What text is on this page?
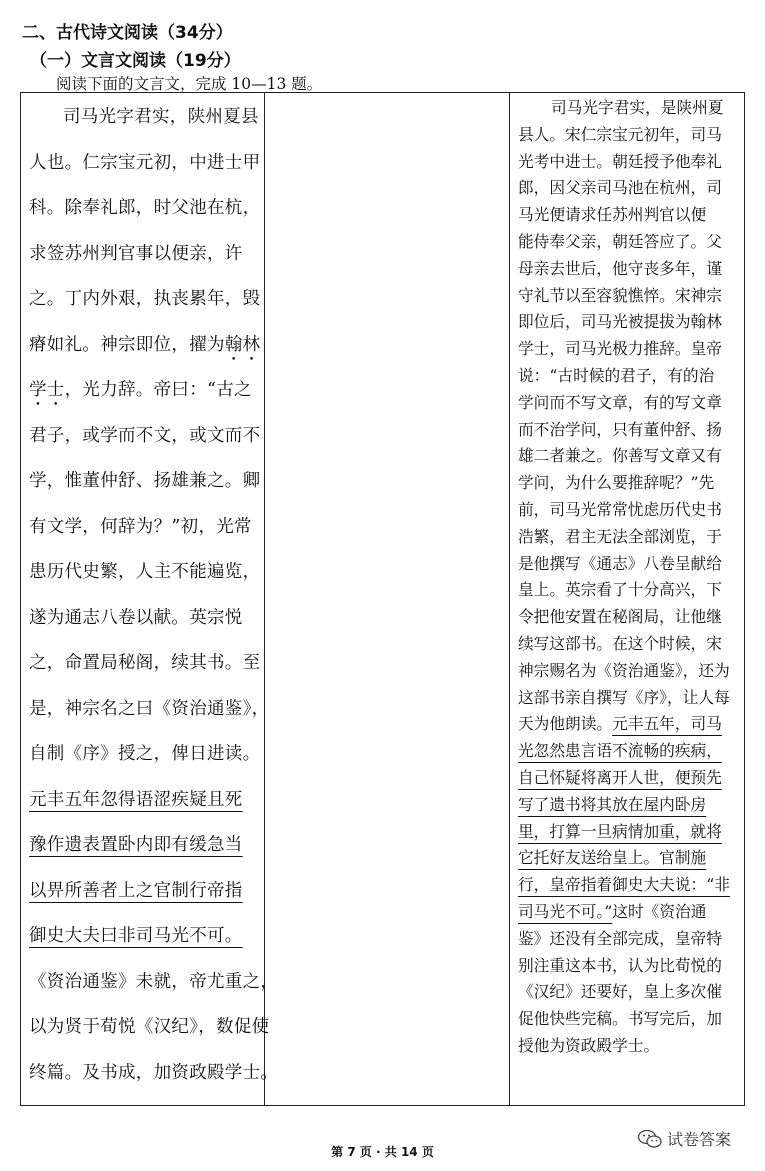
二、古代诗文阅读（34分）
（一）文言文阅读（19分）
阅读下面的文言文，完成 10—13 题。
司马光字君实，陕州夏县
人也。仁宗宝元初，中进士甲
科。除奉礼郎，时父池在杭，
求签苏州判官事以便亲，许
之。丁内外艰，执丧累年，毁
瘠如礼。神宗即位，擢为翰林
学士，光力辞。帝曰：“古之
君子，或学而不文，或文而不
学，惟董仲舒、扬雄兼之。卿
有文学，何辞为？”初，光常
患历代史繁，人主不能遍览，
遂为通志八卷以献。英宗悦
之，命置局秘阁，续其书。至
是，神宗名之曰《资治通鉴》，
自制《序》授之，俾日进读。
元丰五年忽得语涩疾疑且死
豫作遗表置卧内即有缓急当
以畀所善者上之官制行帝指
御史大夫曰非司马光不可。
《资治通鉴》未就，帝尤重之，
以为贤于荀悦《汉纪》，数促使
终篇。及书成，加资政殿学士。
司马光字君实，是陕州夏
县人。宋仁宗宝元初年，司马
光考中进士。朝廷授予他奉礼
郎，因父亲司马池在杭州，司
马光便请求任苏州判官以便
能侍奉父亲，朝廷答应了。父
母亲去世后，他守丧多年，谨
守礼节以至容貌憔悴。宋神宗
即位后，司马光被提拔为翰林
学士，司马光极力推辞。皇帝
说：“古时候的君子，有的治
学问而不写文章，有的写文章
而不治学问，只有董仲舒、扬
雄二者兼之。你善写文章又有
学问，为什么要推辞呢？”先
前，司马光常常忧虑历代史书
浩繁，君主无法全部浏览，于
是他撰写《通志》八卷呈献给
皇上。英宗看了十分高兴，下
令把他安置在秘阁局，让他继
续写这部书。在这个时候，宋
神宗赐名为《资治通鉴》，还为
这部书亲自撰写《序》，让人每
天为他朗读。元丰五年，司马
光忽然患言语不流畅的疾病，
自己怀疑将离开人世，便预先
写了遗书将其放在屋内卧房
里，打算一旦病情加重，就将
它托好友送给皇上。官制施
行，皇帝指着御史大夫说：“非
司马光不可。”这时《资治通
鉴》还没有全部完成，皇帝特
别注重这本书，认为比荀悦的
《汉纪》还要好，皇上多次催
促他快些完稿。书写完后，加
授他为资政殿学士。
第 7 页 · 共 14 页
试卷答案
